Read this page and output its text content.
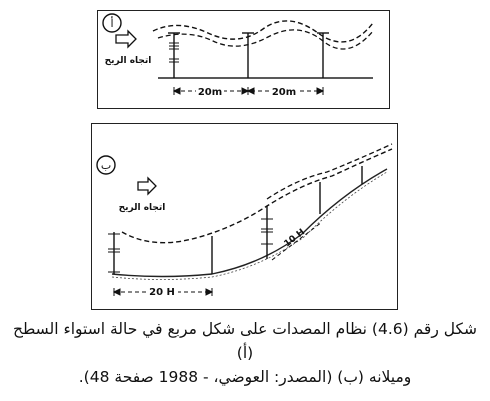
أ
اتجاه الريح
20m	20m
ب
اتجاه الريح
20 H
10 H
شكل رقم (4.6) نظام المصدات على شكل مربع في حالة استواء السطح (أ)
وميلانه (ب) (المصدر: العوضي، - 1988 صفحة 48).
